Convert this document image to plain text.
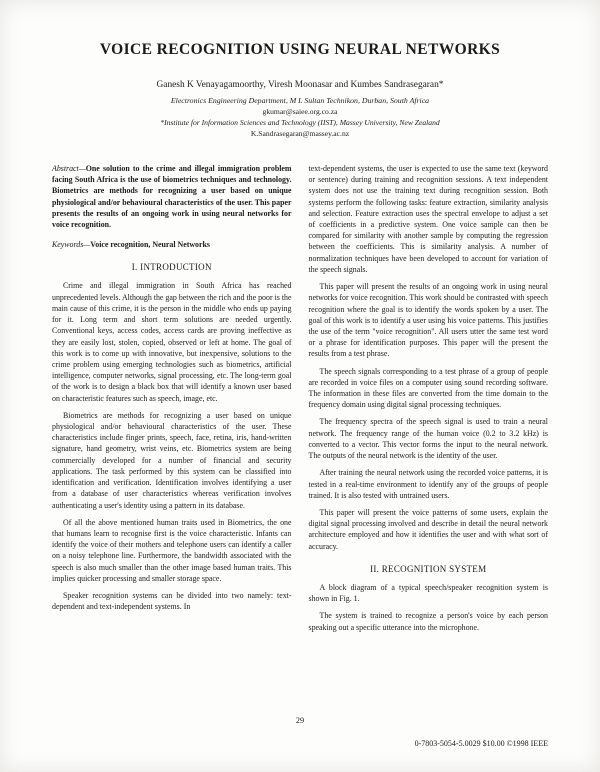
VOICE RECOGNITION USING NEURAL NETWORKS

Ganesh K Venayagamoorthy, Viresh Moonasar and Kumbes Sandrasegaran*

Electronics Engineering Department, M L Sultan Technikon, Durban, South Africa

gkumar@saiee.org.co.za

*Institute for Information Sciences and Technology (IIST), Massey University, New Zealand

K.Sandrasegaran@massey.ac.nz

Abstract—One solution to the crime and illegal immigration problem facing South Africa is the use of biometrics techniques and technology. Biometrics are methods for recognizing a user based on unique physiological and/or behavioural characteristics of the user. This paper presents the results of an ongoing work in using neural networks for voice recognition.

Keywords—Voice recognition, Neural Networks

I. INTRODUCTION

Crime and illegal immigration in South Africa has reached unprecedented levels. Although the gap between the rich and the poor is the main cause of this crime, it is the person in the middle who ends up paying for it. Long term and short term solutions are needed urgently. Conventional keys, access codes, access cards are proving ineffective as they are easily lost, stolen, copied, observed or left at home. The goal of this work is to come up with innovative, but inexpensive, solutions to the crime problem using emerging technologies such as biometrics, artificial intelligence, computer networks, signal processing, etc. The long-term goal of the work is to design a black box that will identify a known user based on characteristic features such as speech, image, etc.

Biometrics are methods for recognizing a user based on unique physiological and/or behavioural characteristics of the user. These characteristics include finger prints, speech, face, retina, iris, hand-written signature, hand geometry, wrist veins, etc. Biometrics system are being commercially developed for a number of financial and security applications. The task performed by this system can be classified into identification and verification. Identification involves identifying a user from a database of user characteristics whereas verification involves authenticating a user's identity using a pattern in its database.

Of all the above mentioned human traits used in Biometrics, the one that humans learn to recognise first is the voice characteristic. Infants can identify the voice of their mothers and telephone users can identify a caller on a noisy telephone line. Furthermore, the bandwidth associated with the speech is also much smaller than the other image based human traits. This implies quicker processing and smaller storage space.

Speaker recognition systems can be divided into two namely: text-dependent and text-independent systems. In

text-dependent systems, the user is expected to use the same text (keyword or sentence) during training and recognition sessions. A text independent system does not use the training text during recognition session. Both systems perform the following tasks: feature extraction, similarity analysis and selection. Feature extraction uses the spectral envelope to adjust a set of coefficients in a predictive system. One voice sample can then be compared for similarity with another sample by computing the regression between the coefficients. This is similarity analysis. A number of normalization techniques have been developed to account for variation of the speech signals.

This paper will present the results of an ongoing work in using neural networks for voice recognition. This work should be contrasted with speech recognition where the goal is to identify the words spoken by a user. The goal of this work is to identify a user using his voice patterns. This justifies the use of the term "voice recognition". All users utter the same test word or a phrase for identification purposes. This paper will the present the results from a test phrase.

The speech signals corresponding to a test phrase of a group of people are recorded in voice files on a computer using sound recording software. The information in these files are converted from the time domain to the frequency domain using digital signal processing techniques.

The frequency spectra of the speech signal is used to train a neural network. The frequency range of the human voice (0.2 to 3.2 kHz) is converted to a vector. This vector forms the input to the neural network. The outputs of the neural network is the identity of the user.

After training the neural network using the recorded voice patterns, it is tested in a real-time environment to identify any of the groups of people trained. It is also tested with untrained users.

This paper will present the voice patterns of some users, explain the digital signal processing involved and describe in detail the neural network architecture employed and how it identifies the user and with what sort of accuracy.

II. RECOGNITION SYSTEM

A block diagram of a typical speech/speaker recognition system is shown in Fig. 1.

The system is trained to recognize a person's voice by each person speaking out a specific utterance into the microphone.

29

0-7803-5054-5.0029 $10.00 ©1998 IEEE
